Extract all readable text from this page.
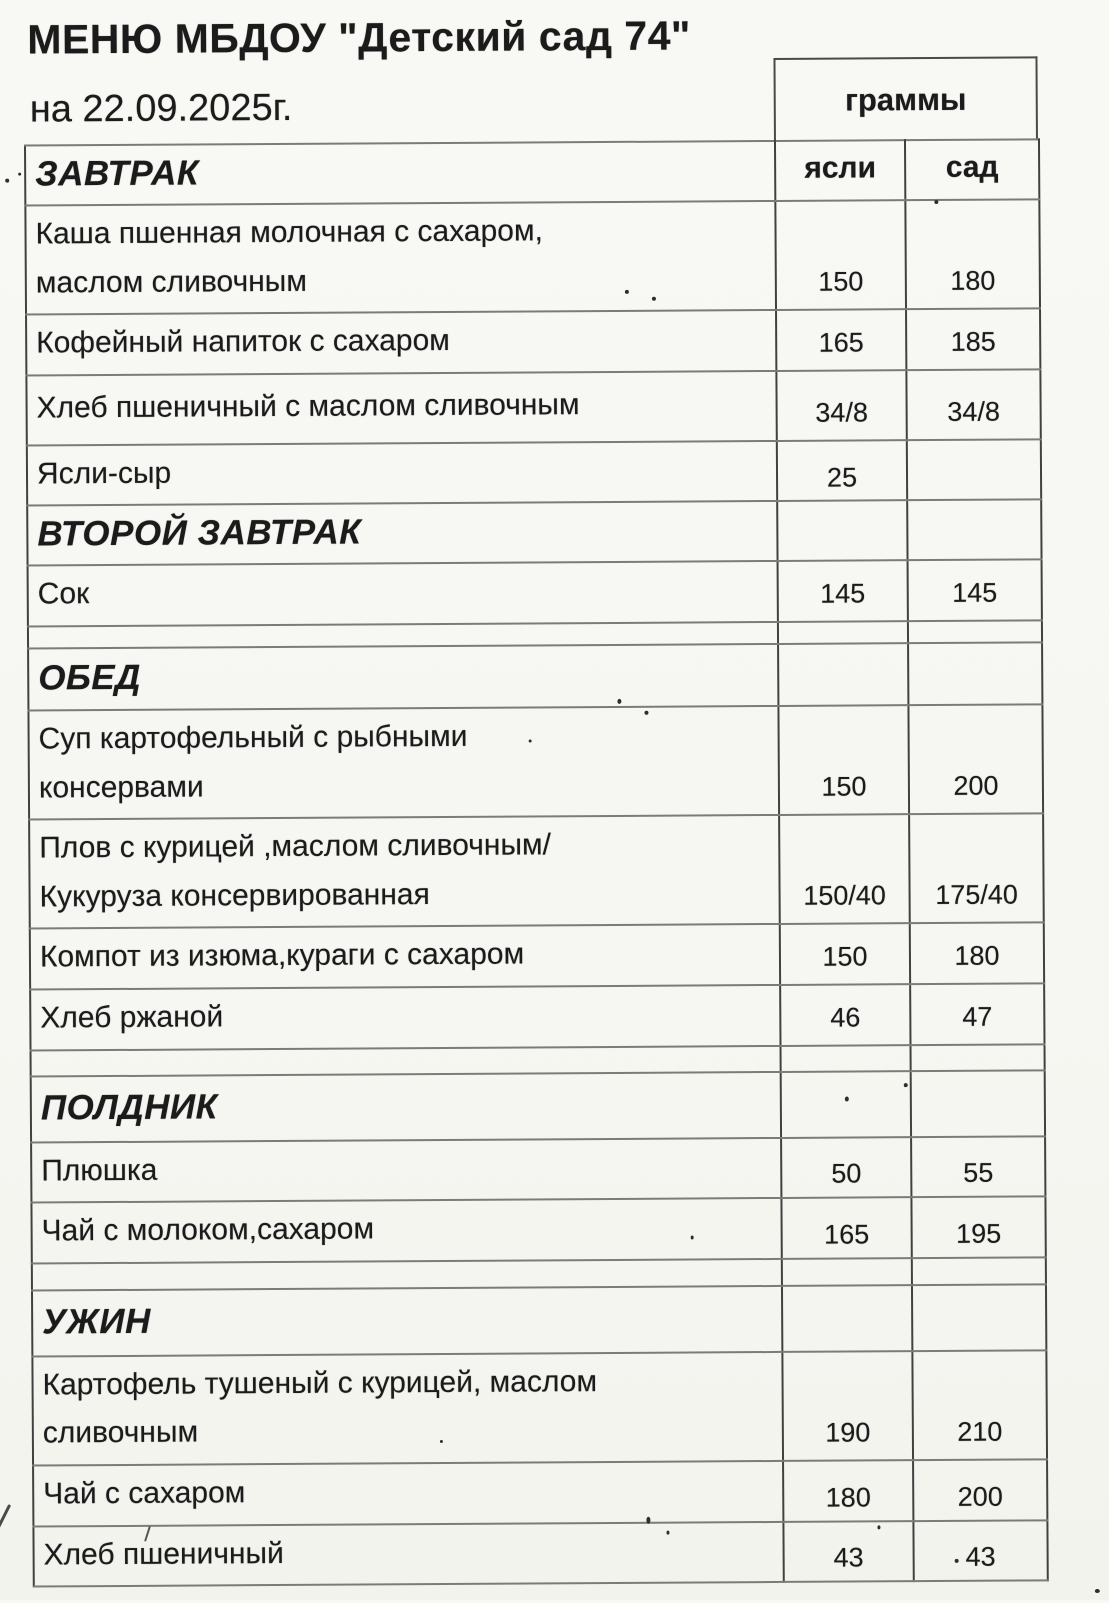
МЕНЮ МБДОУ "Детский сад 74"
на 22.09.2025г.	граммы
ЗАВТРАК	ясли	сад
Каша пшенная молочная с сахаром,
маслом сливочным	150	180
Кофейный напиток с сахаром	165	185
Хлеб пшеничный с маслом сливочным	34/8	34/8
Ясли-сыр	25	
ВТОРОЙ ЗАВТРАК		
Сок	145	145

ОБЕД		
Суп картофельный с рыбными
консервами	150	200
Плов с курицей ,маслом сливочным/
Кукуруза консервированная	150/40	175/40
Компот из изюма,кураги с сахаром	150	180
Хлеб ржаной	46	47

ПОЛДНИК		
Плюшка	50	55
Чай с молоком,сахаром	165	195

УЖИН		
Картофель тушеный с курицей, маслом
сливочным	190	210
Чай с сахаром	180	200
Хлеб пшеничный	43	43
